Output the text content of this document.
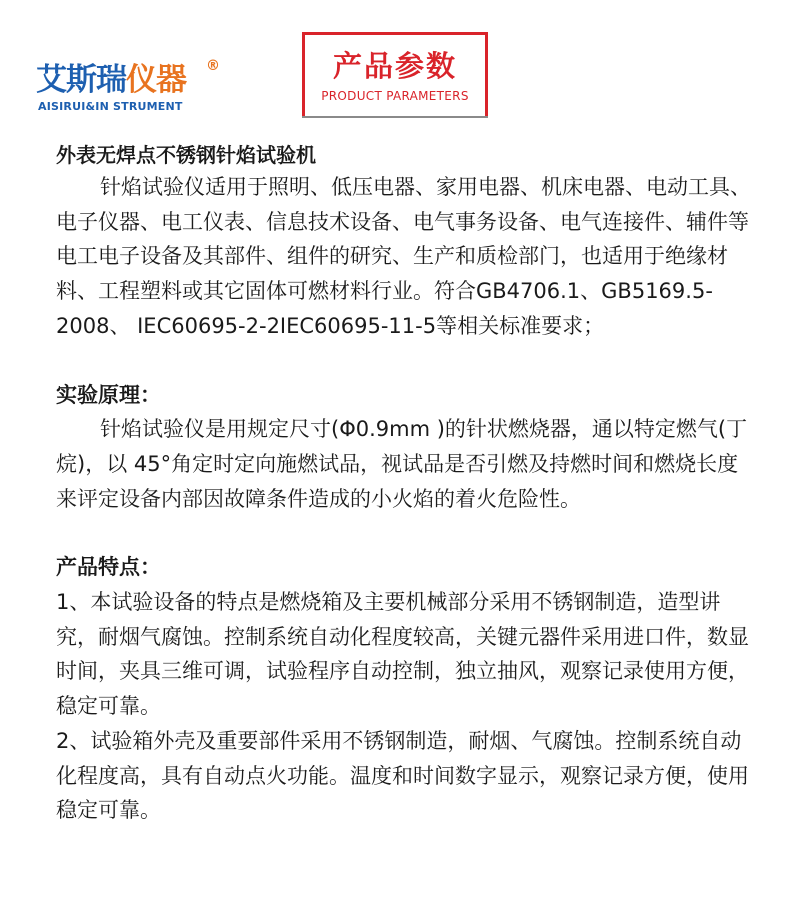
艾斯瑞仪器 ®
AISIRUI&IN STRUMENT
产品参数
PRODUCT PARAMETERS

外表无焊点不锈钢针焰试验机

针焰试验仪适用于照明、低压电器、家用电器、机床电器、电动工具、电子仪器、电工仪表、信息技术设备、电气事务设备、电气连接件、辅件等电工电子设备及其部件、组件的研究、生产和质检部门，也适用于绝缘材料、工程塑料或其它固体可燃材料行业。符合GB4706.1、GB5169.5-2008、 IEC60695-2-2IEC60695-11-5等相关标准要求；

实验原理：

针焰试验仪是用规定尺寸(Φ0.9mm )的针状燃烧器，通以特定燃气(丁烷)，以 45°角定时定向施燃试品，视试品是否引燃及持燃时间和燃烧长度来评定设备内部因故障条件造成的小火焰的着火危险性。

产品特点：

1、本试验设备的特点是燃烧箱及主要机械部分采用不锈钢制造，造型讲究，耐烟气腐蚀。控制系统自动化程度较高，关键元器件采用进口件，数显时间，夹具三维可调，试验程序自动控制，独立抽风，观察记录使用方便，稳定可靠。

2、试验箱外壳及重要部件采用不锈钢制造，耐烟、气腐蚀。控制系统自动化程度高，具有自动点火功能。温度和时间数字显示，观察记录方便，使用稳定可靠。
